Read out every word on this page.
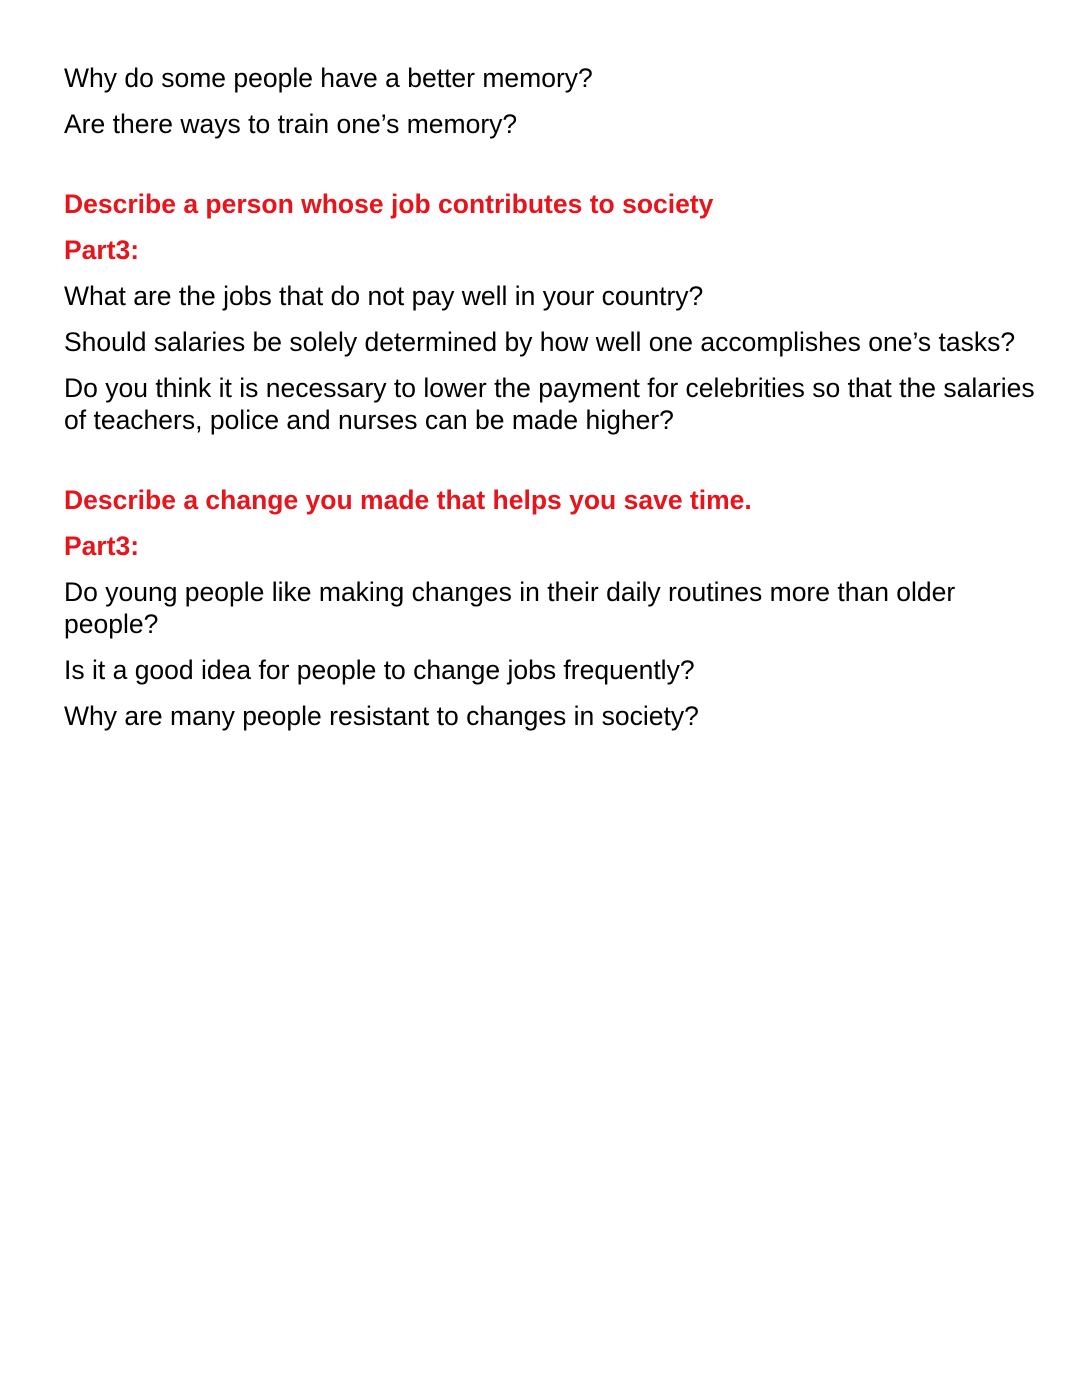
Why do some people have a better memory?

Are there ways to train one’s memory?

Describe a person whose job contributes to society

Part3:

What are the jobs that do not pay well in your country?

Should salaries be solely determined by how well one accomplishes one’s tasks?

Do you think it is necessary to lower the payment for celebrities so that the salaries of teachers, police and nurses can be made higher?

Describe a change you made that helps you save time.

Part3:

Do young people like making changes in their daily routines more than older people?

Is it a good idea for people to change jobs frequently?

Why are many people resistant to changes in society?
